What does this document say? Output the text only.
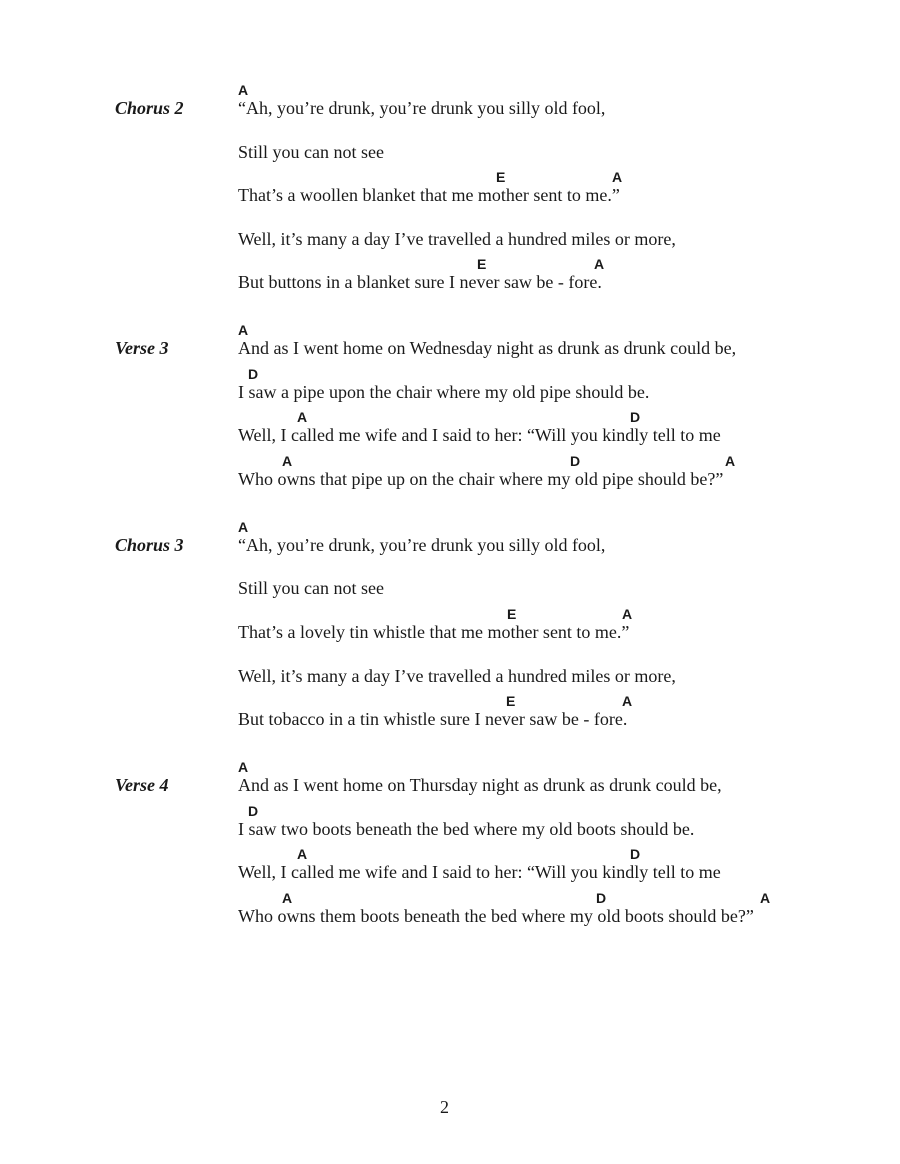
Chorus 2
A
“Ah, you’re drunk, you’re drunk you silly old fool,
Still you can not see
E	A
That’s a woollen blanket that me mother sent to me.”
Well, it’s many a day I’ve travelled a hundred miles or more,
E	A
But buttons in a blanket sure I never saw be - fore.
Verse 3
A
And as I went home on Wednesday night as drunk as drunk could be,
D
I saw a pipe upon the chair where my old pipe should be.
A	D
Well, I called me wife and I said to her: “Will you kindly tell to me
A	D	A
Who owns that pipe up on the chair where my old pipe should be?”
Chorus 3
A
“Ah, you’re drunk, you’re drunk you silly old fool,
Still you can not see
E	A
That’s a lovely tin whistle that me mother sent to me.”
Well, it’s many a day I’ve travelled a hundred miles or more,
E	A
But tobacco in a tin whistle sure I never saw be - fore.
Verse 4
A
And as I went home on Thursday night as drunk as drunk could be,
D
I saw two boots beneath the bed where my old boots should be.
A	D
Well, I called me wife and I said to her: “Will you kindly tell to me
A	D	A
Who owns them boots beneath the bed where my old boots should be?”
2
